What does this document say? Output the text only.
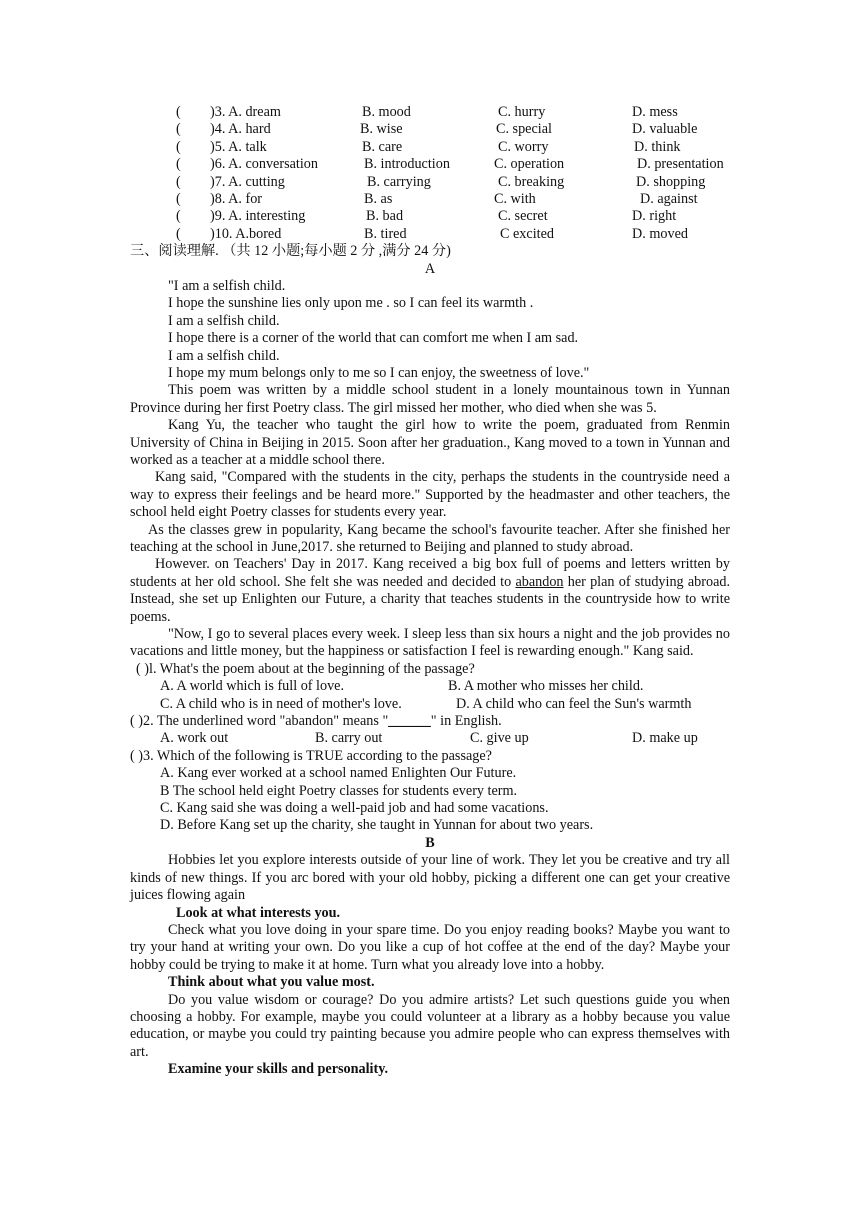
( )3. A. dream	B. mood	C. hurry	D. mess
( )4. A. hard	B. wise	C. special	D. valuable
( )5. A. talk	B. care	C. worry	D. think
( )6. A. conversation	B. introduction	C. operation	D. presentation
( )7. A. cutting	B. carrying	C. breaking	D. shopping
( )8. A. for	B. as	C. with	D. against
( )9. A. interesting	B. bad	C. secret	D. right
( )10. A.bored	B. tired	C excited	D. moved
三、阅读理解. （共 12 小题;每小题 2 分 ,满分 24 分)
A
"I am a selfish child.
I hope the sunshine lies only upon me . so I can feel its warmth .
I am a selfish child.
I hope there is a corner of the world that can comfort me when I am sad.
I am a selfish child.
I hope my mum belongs only to me so I can enjoy, the sweetness of love."

This poem was written by a middle school student in a lonely mountainous town in Yunnan Province during her first Poetry class. The girl missed her mother, who died when she was 5.

Kang Yu, the teacher who taught the girl how to write the poem, graduated from Renmin University of China in Beijing in 2015. Soon after her graduation., Kang moved to a town in Yunnan and worked as a teacher at a middle school there.

Kang said, "Compared with the students in the city, perhaps the students in the countryside need a way to express their feelings and be heard more." Supported by the headmaster and other teachers, the school held eight Poetry classes for students every year.

As the classes grew in popularity, Kang became the school's favourite teacher. After she finished her teaching at the school in June,2017. she returned to Beijing and planned to study abroad.

However. on Teachers' Day in 2017. Kang received a big box full of poems and letters written by students at her old school. She felt she was needed and decided to abandon her plan of studying abroad. Instead, she set up Enlighten our Future, a charity that teaches students in the countryside how to write poems.

"Now, I go to several places every week. I sleep less than six hours a night and the job provides no vacations and little money, but the happiness or satisfaction I feel is rewarding enough." Kang said.

( )l. What's the poem about at the beginning of the passage?
A. A world which is full of love.	B. A mother who misses her child.
C. A child who is in need of mother's love.	D. A child who can feel the Sun's warmth
( )2. The underlined word "abandon" means "______" in English.
A. work out	B. carry out	C. give up	D. make up
( )3. Which of the following is TRUE according to the passage?
A. Kang ever worked at a school named Enlighten Our Future.
B The school held eight Poetry classes for students every term.
C. Kang said she was doing a well-paid job and had some vacations.
D. Before Kang set up the charity, she taught in Yunnan for about two years.
B

Hobbies let you explore interests outside of your line of work. They let you be creative and try all kinds of new things. If you arc bored with your old hobby, picking a different one can get your creative juices flowing again

Look at what interests you.

Check what you love doing in your spare time. Do you enjoy reading books? Maybe you want to try your hand at writing your own. Do you like a cup of hot coffee at the end of the day? Maybe your hobby could be trying to make it at home. Turn what you already love into a hobby.

Think about what you value most.

Do you value wisdom or courage? Do you admire artists? Let such questions guide you when choosing a hobby. For example, maybe you could volunteer at a library as a hobby because you value education, or maybe you could try painting because you admire people who can express themselves with art.

Examine your skills and personality.
